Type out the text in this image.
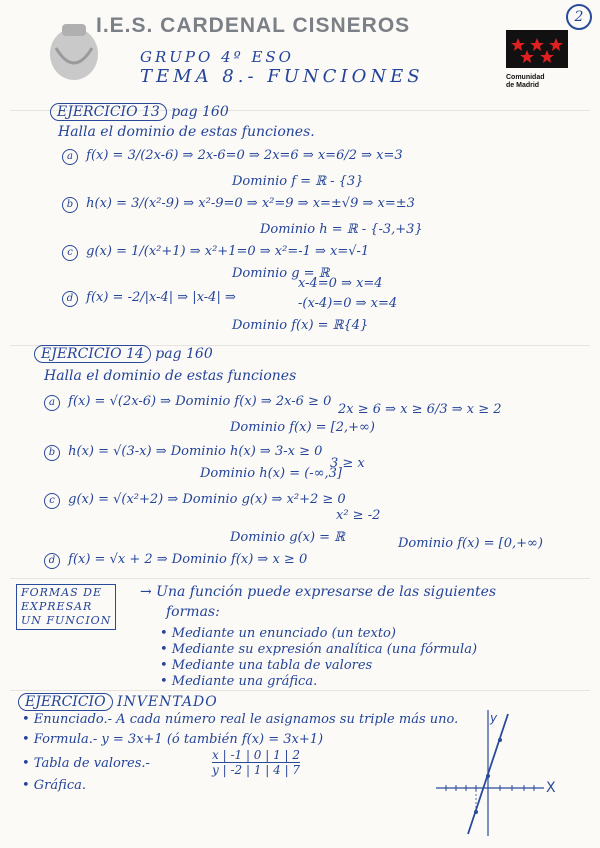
I.E.S. CARDENAL CISNEROS	2
Comunidad
de Madrid
GRUPO 4º ESO
TEMA 8.- FUNCIONES
EJERCICIO 13 pag 160
Halla el dominio de estas funciones.
a f(x) = 3/(2x-6) ⇒ 2x-6=0 ⇒ 2x=6 ⇒ x=6/2 ⇒ x=3
Dominio f = ℝ - {3}
b h(x) = 3/(x²-9) ⇒ x²-9=0 ⇒ x²=9 ⇒ x=±√9 ⇒ x=±3
Dominio h = ℝ - {-3,+3}
c g(x) = 1/(x²+1) ⇒ x²+1=0 ⇒ x²=-1 ⇒ x=√-1
Dominio g = ℝ
d f(x) = -2/|x-4| ⇒ |x-4| ⇒
x-4=0 ⇒ x=4
-(x-4)=0 ⇒ x=4
Dominio f(x) = ℝ{4}
EJERCICIO 14 pag 160
Halla el dominio de estas funciones
a f(x) = √(2x-6) ⇒ Dominio f(x) ⇒ 2x-6 ≥ 0
2x ≥ 6 ⇒ x ≥ 6/3 ⇒ x ≥ 2
Dominio f(x) = [2,+∞)
b h(x) = √(3-x) ⇒ Dominio h(x) ⇒ 3-x ≥ 0
3 ≥ x
Dominio h(x) = (-∞,3]
c g(x) = √(x²+2) ⇒ Dominio g(x) ⇒ x²+2 ≥ 0
x² ≥ -2
Dominio g(x) = ℝ
d f(x) = √x + 2 ⇒ Dominio f(x) ⇒ x ≥ 0
Dominio f(x) = [0,+∞)
FORMAS DE
EXPRESAR
UN FUNCION
→ Una función puede expresarse de las siguientes
formas:
• Mediante un enunciado (un texto)
• Mediante su expresión analítica (una fórmula)
• Mediante una tabla de valores
• Mediante una gráfica.
EJERCICIO INVENTADO
• Enunciado.- A cada número real le asignamos su triple más uno.
• Formula.- y = 3x+1 (ó también f(x) = 3x+1)
• Tabla de valores.-
x | -1 | 0 | 1 | 2
y | -2 | 1 | 4 | 7
• Gráfica.
y
X
